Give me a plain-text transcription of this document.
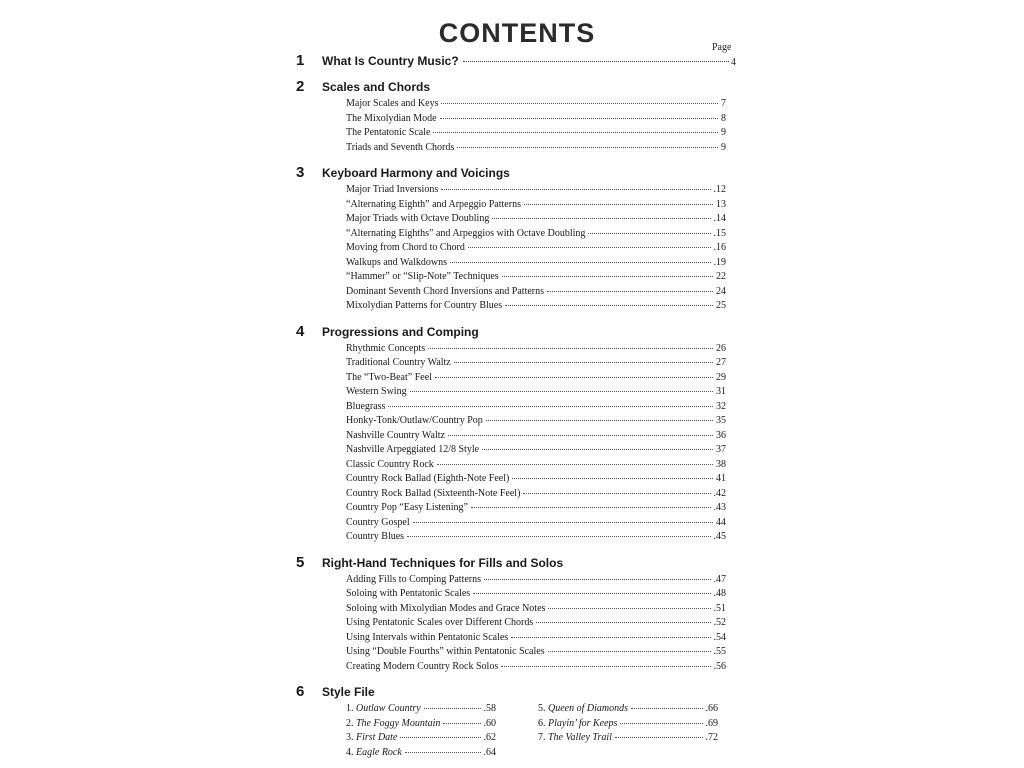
CONTENTS	Page
1	What Is Country Music?	4
2	Scales and Chords
Major Scales and Keys	7
The Mixolydian Mode	8
The Pentatonic Scale	9
Triads and Seventh Chords	9
3	Keyboard Harmony and Voicings
Major Triad Inversions	.12
“Alternating Eighth” and Arpeggio Patterns	13
Major Triads with Octave Doubling	.14
“Alternating Eighths” and Arpeggios with Octave Doubling	.15
Moving from Chord to Chord	.16
Walkups and Walkdowns	.19
“Hammer” or “Slip-Note” Techniques	22
Dominant Seventh Chord Inversions and Patterns	24
Mixolydian Patterns for Country Blues	25
4	Progressions and Comping
Rhythmic Concepts	26
Traditional Country Waltz	27
The “Two-Beat” Feel	29
Western Swing	31
Bluegrass	32
Honky-Tonk/Outlaw/Country Pop	35
Nashville Country Waltz	36
Nashville Arpeggiated 12/8 Style	37
Classic Country Rock	38
Country Rock Ballad (Eighth-Note Feel)	41
Country Rock Ballad (Sixteenth-Note Feel)	.42
Country Pop “Easy Listening”	.43
Country Gospel	44
Country Blues	.45
5	Right-Hand Techniques for Fills and Solos
Adding Fills to Comping Patterns	.47
Soloing with Pentatonic Scales	.48
Soloing with Mixolydian Modes and Grace Notes	.51
Using Pentatonic Scales over Different Chords	.52
Using Intervals within Pentatonic Scales	.54
Using “Double Fourths” within Pentatonic Scales	.55
Creating Modern Country Rock Solos	.56
6	Style File
1. Outlaw Country	.58
2. The Foggy Mountain	.60
3. First Date	.62
4. Eagle Rock	.64
5. Queen of Diamonds	.66
6. Playin’ for Keeps	.69
7. The Valley Trail	.72
